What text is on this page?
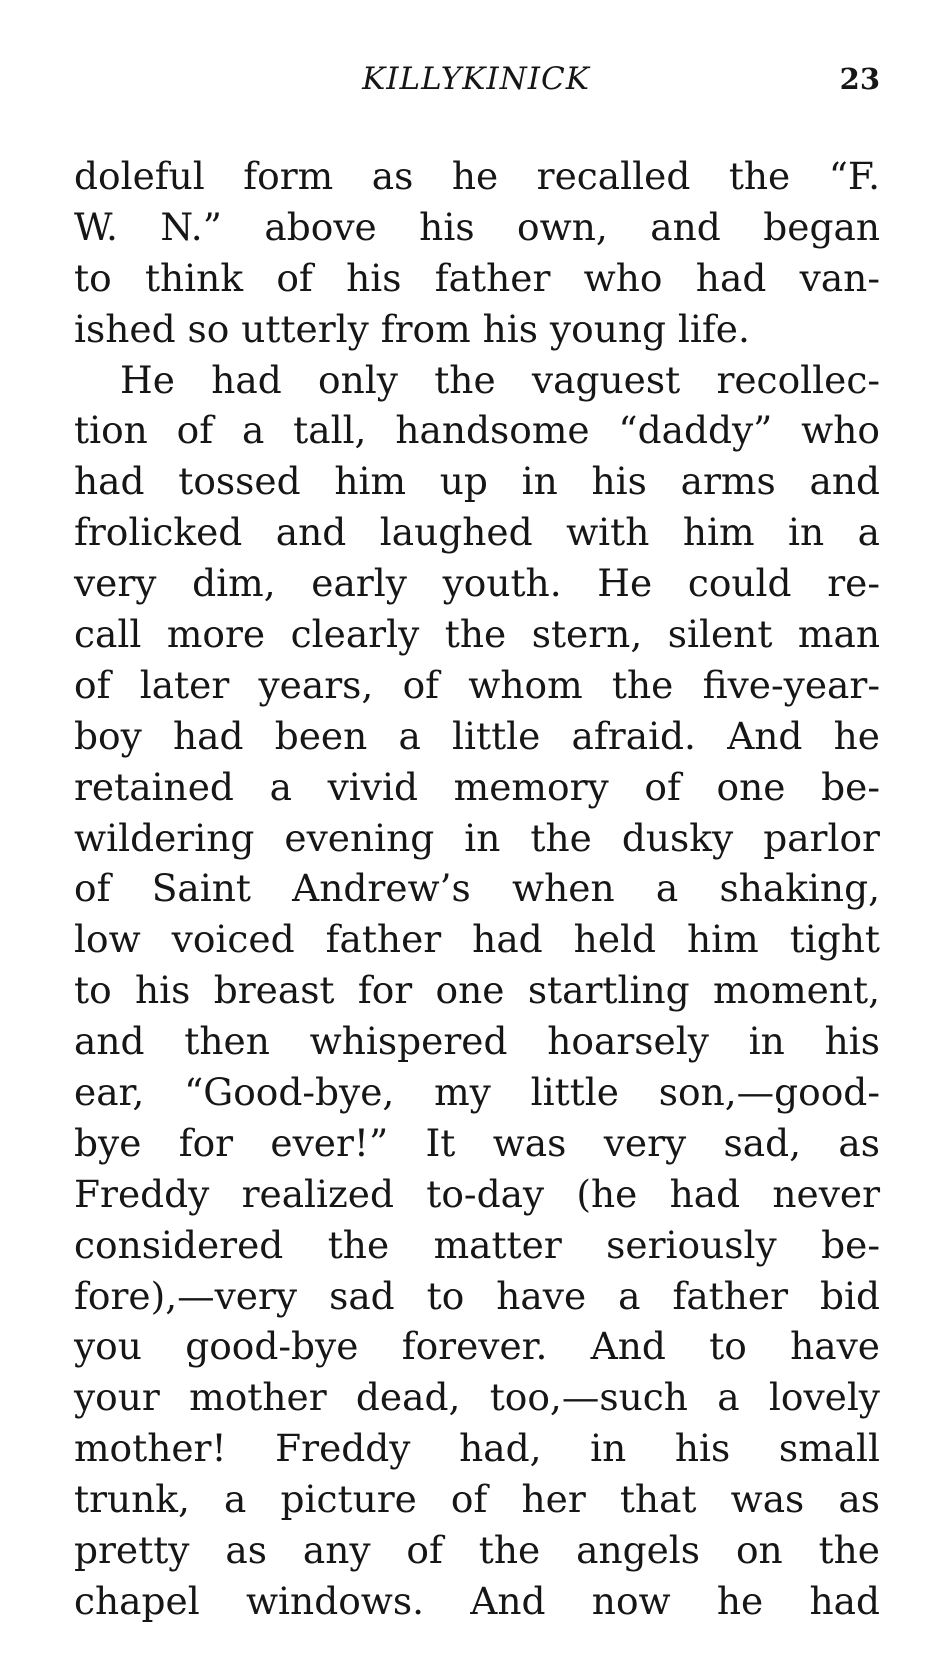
KILLYKINICK	23
doleful form as he recalled the “F.
W. N.” above his own, and began
to think of his father who had van-
ished so utterly from his young life.
He had only the vaguest recollec-
tion of a tall, handsome “daddy” who
had tossed him up in his arms and
frolicked and laughed with him in a
very dim, early youth. He could re-
call more clearly the stern, silent man
of later years, of whom the five-year-
boy had been a little afraid. And he
retained a vivid memory of one be-
wildering evening in the dusky parlor
of Saint Andrew’s when a shaking,
low voiced father had held him tight
to his breast for one startling moment,
and then whispered hoarsely in his
ear, “Good-bye, my little son,—good-
bye for ever!” It was very sad, as
Freddy realized to-day (he had never
considered the matter seriously be-
fore),—very sad to have a father bid
you good-bye forever. And to have
your mother dead, too,—such a lovely
mother! Freddy had, in his small
trunk, a picture of her that was as
pretty as any of the angels on the
chapel windows. And now he had
